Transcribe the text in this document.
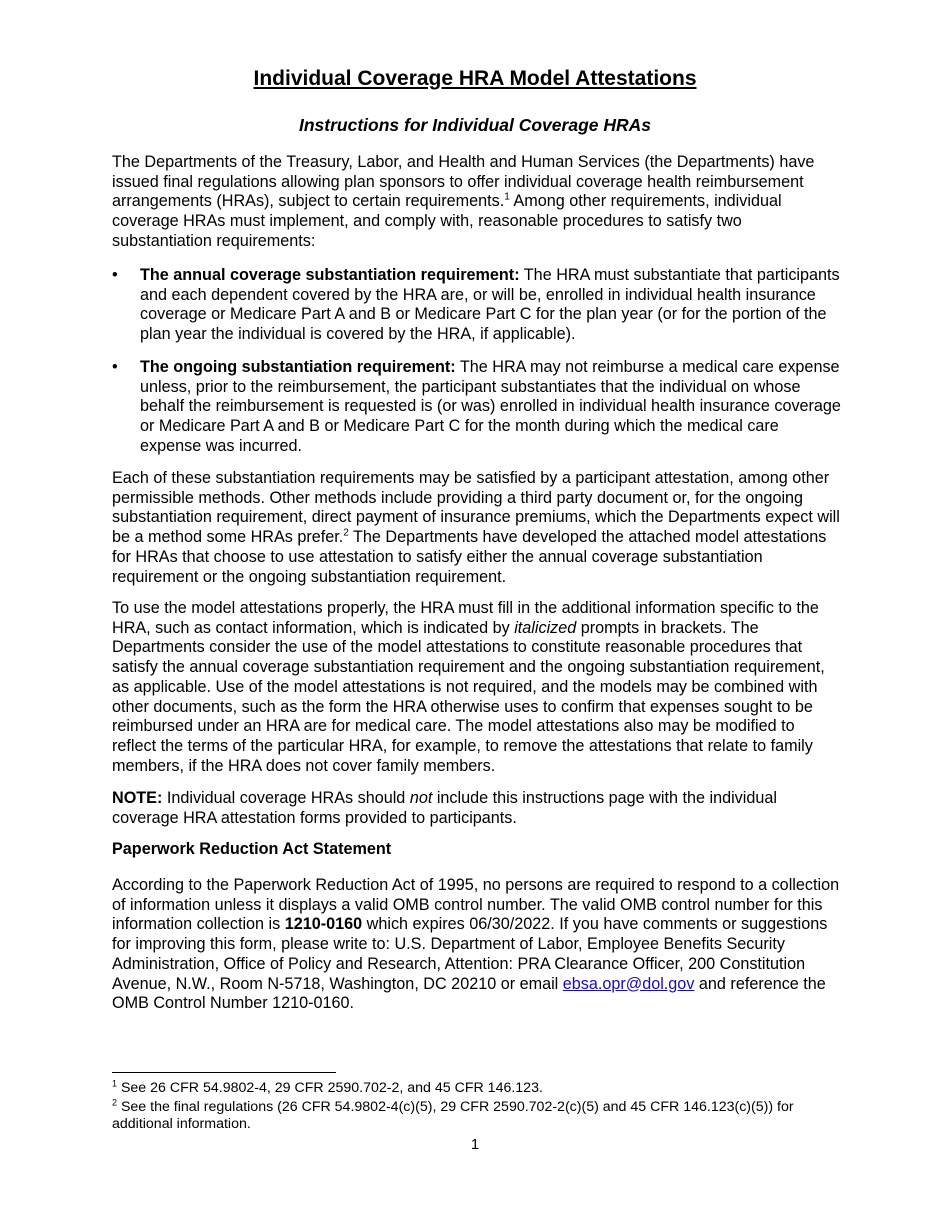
Individual Coverage HRA Model Attestations
Instructions for Individual Coverage HRAs

The Departments of the Treasury, Labor, and Health and Human Services (the Departments) have issued final regulations allowing plan sponsors to offer individual coverage health reimbursement arrangements (HRAs), subject to certain requirements.$^1$ Among other requirements, individual coverage HRAs must implement, and comply with, reasonable procedures to satisfy two substantiation requirements:

•	The annual coverage substantiation requirement: The HRA must substantiate that participants and each dependent covered by the HRA are, or will be, enrolled in individual health insurance coverage or Medicare Part A and B or Medicare Part C for the plan year (or for the portion of the plan year the individual is covered by the HRA, if applicable).

•	The ongoing substantiation requirement: The HRA may not reimburse a medical care expense unless, prior to the reimbursement, the participant substantiates that the individual on whose behalf the reimbursement is requested is (or was) enrolled in individual health insurance coverage or Medicare Part A and B or Medicare Part C for the month during which the medical care expense was incurred.

Each of these substantiation requirements may be satisfied by a participant attestation, among other permissible methods. Other methods include providing a third party document or, for the ongoing substantiation requirement, direct payment of insurance premiums, which the Departments expect will be a method some HRAs prefer.$^2$ The Departments have developed the attached model attestations for HRAs that choose to use attestation to satisfy either the annual coverage substantiation requirement or the ongoing substantiation requirement.

To use the model attestations properly, the HRA must fill in the additional information specific to the HRA, such as contact information, which is indicated by italicized prompts in brackets. The Departments consider the use of the model attestations to constitute reasonable procedures that satisfy the annual coverage substantiation requirement and the ongoing substantiation requirement, as applicable. Use of the model attestations is not required, and the models may be combined with other documents, such as the form the HRA otherwise uses to confirm that expenses sought to be reimbursed under an HRA are for medical care. The model attestations also may be modified to reflect the terms of the particular HRA, for example, to remove the attestations that relate to family members, if the HRA does not cover family members.

NOTE: Individual coverage HRAs should not include this instructions page with the individual coverage HRA attestation forms provided to participants.

Paperwork Reduction Act Statement

According to the Paperwork Reduction Act of 1995, no persons are required to respond to a collection of information unless it displays a valid OMB control number. The valid OMB control number for this information collection is 1210-0160 which expires 06/30/2022. If you have comments or suggestions for improving this form, please write to: U.S. Department of Labor, Employee Benefits Security Administration, Office of Policy and Research, Attention: PRA Clearance Officer, 200 Constitution Avenue, N.W., Room N-5718, Washington, DC 20210 or email ebsa.opr@dol.gov and reference the OMB Control Number 1210-0160.

$^1$ See 26 CFR 54.9802-4, 29 CFR 2590.702-2, and 45 CFR 146.123.

$^2$ See the final regulations (26 CFR 54.9802-4(c)(5), 29 CFR 2590.702-2(c)(5) and 45 CFR 146.123(c)(5)) for additional information.

1
